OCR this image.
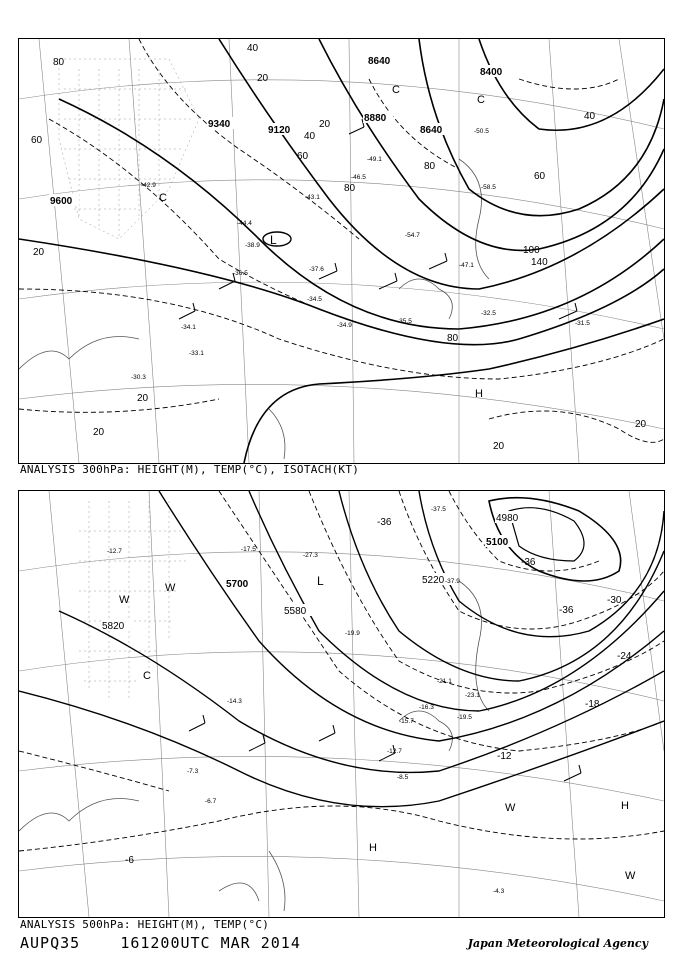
9600
9340
9120
8880
8640
8640
8400
80
60
40
20
20
20
20
20
40
60
80
80
100
140
80
60
40
20
20
-42.9
-43.1
-44.4
-38.9
-37.6
-36.5
-34.5
-34.9
-35.5
-32.5
-31.5
-34.1
-33.1
-30.3
-46.5
-49.1
-54.7
-47.1
-50.5
-58.5
L
H
C
C
C
ANALYSIS 300hPa: HEIGHT(M), TEMP(°C), ISOTACH(KT)
5820
5700
5580
5220
5100
4980
-36
-36
-30
-24
-18
-12
-6
-36
-27.3
-17.5
-12.7
-19.9
-14.3
-15.7
-16.3
-7.3
-6.7
-8.5
-12.7
-4.3
-37.5
-37.9
-19.5
-21.1
-23.1
L
H
H
W
W
W
W
C
ANALYSIS 500hPa: HEIGHT(M), TEMP(°C)
AUPQ35	161200UTC MAR 2014	Japan Meteorological Agency
